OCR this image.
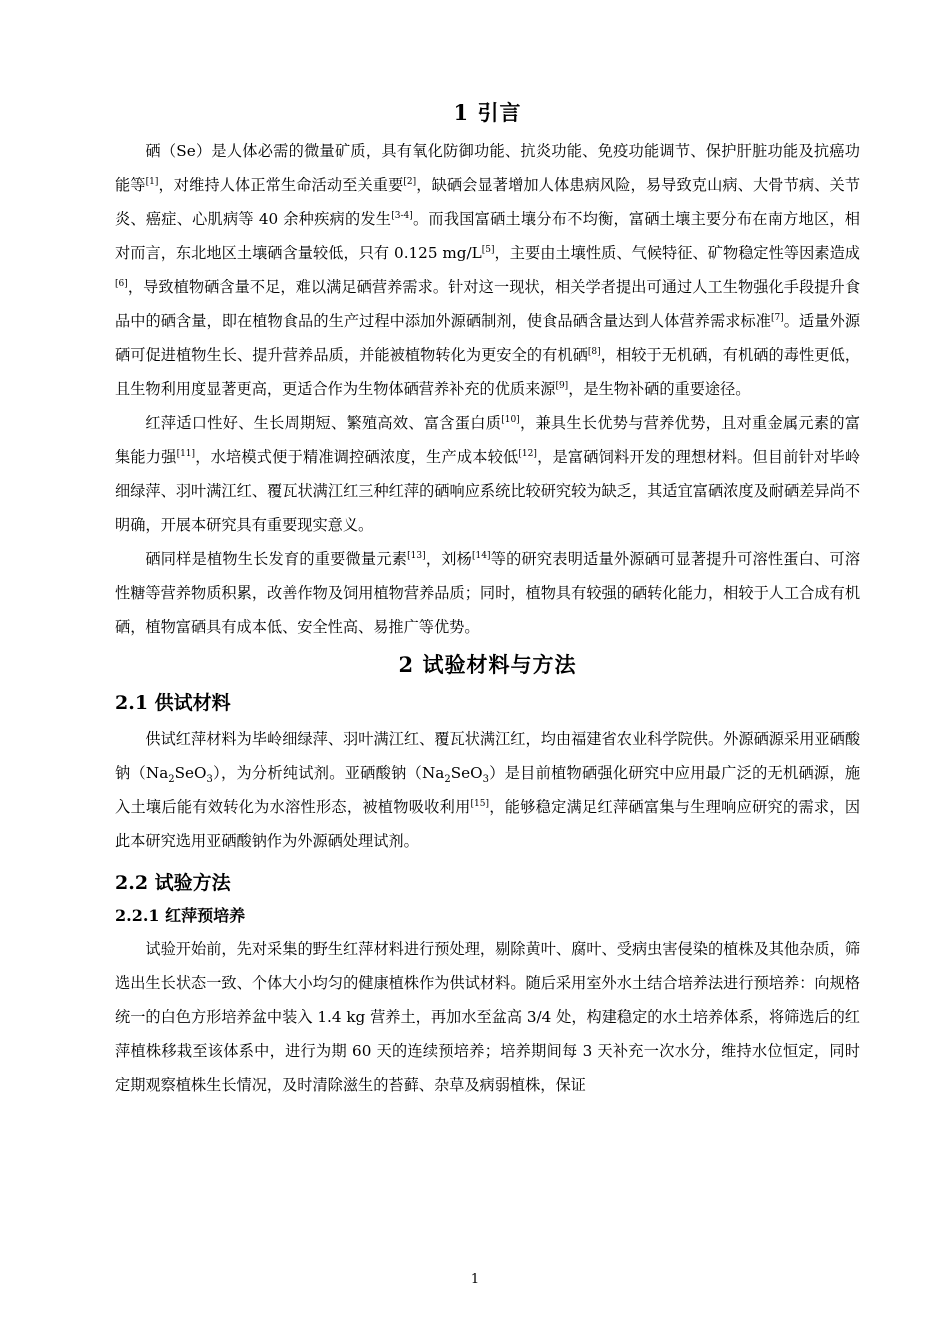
1 引言

硒（Se）是人体必需的微量矿质，具有氧化防御功能、抗炎功能、免疫功能调节、保护肝脏功能及抗癌功能等[1]，对维持人体正常生命活动至关重要[2]，缺硒会显著增加人体患病风险，易导致克山病、大骨节病、关节炎、癌症、心肌病等 40 余种疾病的发生[3-4]。而我国富硒土壤分布不均衡，富硒土壤主要分布在南方地区，相对而言，东北地区土壤硒含量较低，只有 0.125 mg/L[5]，主要由土壤性质、气候特征、矿物稳定性等因素造成[6]，导致植物硒含量不足，难以满足硒营养需求。针对这一现状，相关学者提出可通过人工生物强化手段提升食品中的硒含量，即在植物食品的生产过程中添加外源硒制剂，使食品硒含量达到人体营养需求标准[7]。适量外源硒可促进植物生长、提升营养品质，并能被植物转化为更安全的有机硒[8]，相较于无机硒，有机硒的毒性更低，且生物利用度显著更高，更适合作为生物体硒营养补充的优质来源[9]，是生物补硒的重要途径。

红萍适口性好、生长周期短、繁殖高效、富含蛋白质[10]，兼具生长优势与营养优势，且对重金属元素的富集能力强[11]，水培模式便于精准调控硒浓度，生产成本较低[12]，是富硒饲料开发的理想材料。但目前针对毕岭细绿萍、羽叶满江红、覆瓦状满江红三种红萍的硒响应系统比较研究较为缺乏，其适宜富硒浓度及耐硒差异尚不明确，开展本研究具有重要现实意义。

硒同样是植物生长发育的重要微量元素[13]，刘杨[14]等的研究表明适量外源硒可显著提升可溶性蛋白、可溶性糖等营养物质积累，改善作物及饲用植物营养品质；同时，植物具有较强的硒转化能力，相较于人工合成有机硒，植物富硒具有成本低、安全性高、易推广等优势。

2 试验材料与方法
2.1 供试材料

供试红萍材料为毕岭细绿萍、羽叶满江红、覆瓦状满江红，均由福建省农业科学院供。外源硒源采用亚硒酸钠$(Na_2SeO_3)$，为分析纯试剂。亚硒酸钠$(Na_2SeO_3)$是目前植物硒强化研究中应用最广泛的无机硒源，施入土壤后能有效转化为水溶性形态，被植物吸收利用[15]，能够稳定满足红萍硒富集与生理响应研究的需求，因此本研究选用亚硒酸钠作为外源硒处理试剂。

2.2 试验方法
2.2.1 红萍预培养

试验开始前，先对采集的野生红萍材料进行预处理，剔除黄叶、腐叶、受病虫害侵染的植株及其他杂质，筛选出生长状态一致、个体大小均匀的健康植株作为供试材料。随后采用室外水土结合培养法进行预培养：向规格统一的白色方形培养盆中装入 1.4 kg 营养土，再加水至盆高 3/4 处，构建稳定的水土培养体系，将筛选后的红萍植株移栽至该体系中，进行为期 60 天的连续预培养；培养期间每 3 天补充一次水分，维持水位恒定，同时定期观察植株生长情况，及时清除滋生的苔藓、杂草及病弱植株，保证

1
